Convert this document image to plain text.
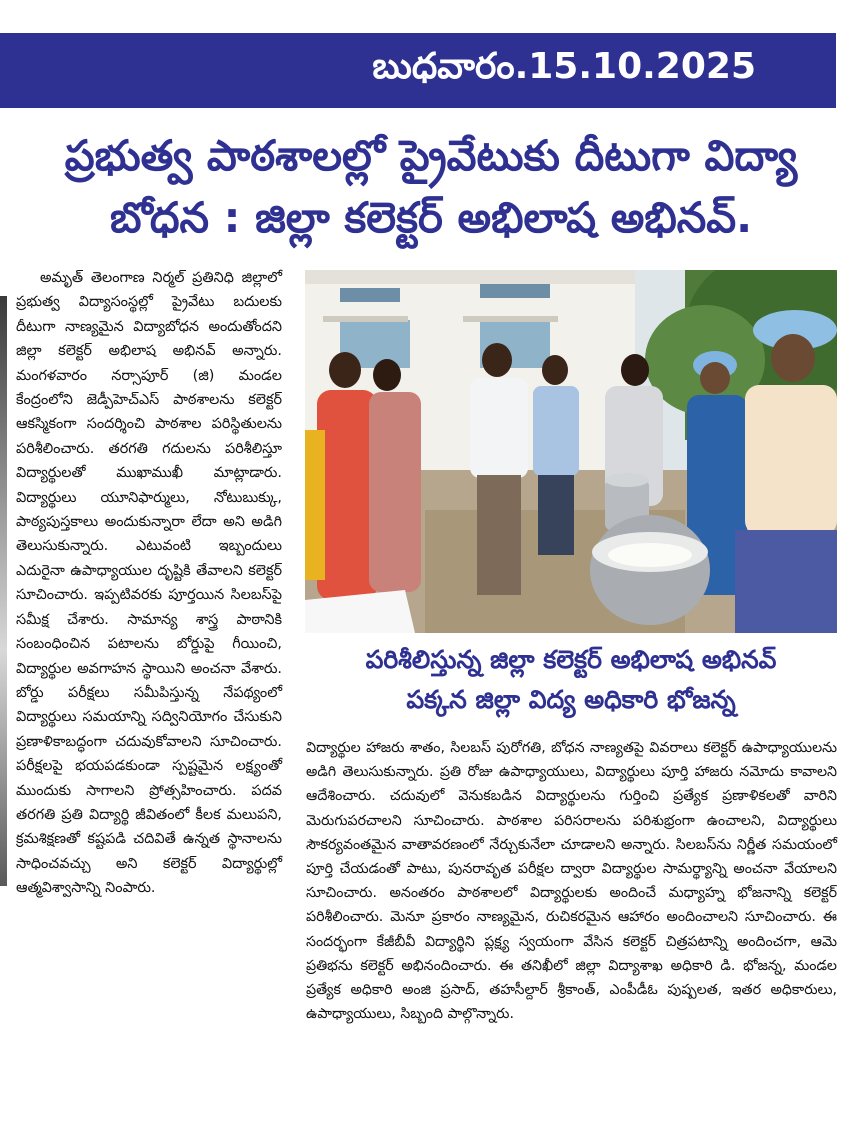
బుధవారం.15.10.2025
ప్రభుత్వ పాఠశాలల్లో ప్రైవేటుకు దీటుగా విద్యా
బోధన : జిల్లా కలెక్టర్ అభిలాష అభినవ్.

అమృత్ తెలంగాణ నిర్మల్ ప్రతినిధి జిల్లాలో ప్రభుత్వ విద్యాసంస్థల్లో ప్రైవేటు బదులకు దీటుగా నాణ్యమైన విద్యాబోధన అందుతోందని జిల్లా కలెక్టర్ అభిలాష అభినవ్ అన్నారు. మంగళవారం నర్సాపూర్ (జి) మండల కేంద్రంలోని జెడ్పీహెచ్ఎస్ పాఠశాలను కలెక్టర్ ఆకస్మికంగా సందర్శించి పాఠశాల పరిస్థితులను పరిశీలించారు. తరగతి గదులను పరిశీలిస్తూ విద్యార్థులతో ముఖాముఖీ మాట్లాడారు. విద్యార్థులు యూనిఫార్ములు, నోటుబుక్కు, పాఠ్యపుస్తకాలు అందుకున్నారా లేదా అని అడిగి తెలుసుకున్నారు. ఎటువంటి ఇబ్బందులు ఎదురైనా ఉపాధ్యాయుల దృష్టికి తేవాలని కలెక్టర్ సూచించారు. ఇప్పటివరకు పూర్తయిన సిలబస్‌పై సమీక్ష చేశారు. సామాన్య శాస్త్ర పాఠానికి సంబంధించిన పటాలను బోర్డుపై గీయించి, విద్యార్థుల అవగాహన స్థాయిని అంచనా వేశారు. బోర్డు పరీక్షలు సమీపిస్తున్న నేపథ్యంలో విద్యార్థులు సమయాన్ని సద్వినియోగం చేసుకుని ప్రణాళికాబద్ధంగా చదువుకోవాలని సూచించారు. పరీక్షలపై భయపడకుండా స్పష్టమైన లక్ష్యంతో ముందుకు సాగాలని ప్రోత్సహించారు. పదవ తరగతి ప్రతి విద్యార్థి జీవితంలో కీలక మలుపని, క్రమశిక్షణతో కష్టపడి చదివితే ఉన్నత స్థానాలను సాధించవచ్చు అని కలెక్టర్ విద్యార్థుల్లో ఆత్మవిశ్వాసాన్ని నింపారు.

పరిశీలిస్తున్న జిల్లా కలెక్టర్ అభిలాష అభినవ్
పక్కన జిల్లా విద్య అధికారి భోజన్న

విద్యార్థుల హాజరు శాతం, సిలబస్ పురోగతి, బోధన నాణ్యతపై వివరాలు కలెక్టర్ ఉపాధ్యాయులను అడిగి తెలుసుకున్నారు. ప్రతి రోజు ఉపాధ్యాయులు, విద్యార్థులు పూర్తి హాజరు నమోదు కావాలని ఆదేశించారు. చదువులో వెనుకబడిన విద్యార్థులను గుర్తించి ప్రత్యేక ప్రణాళికలతో వారిని మెరుగుపరచాలని సూచించారు. పాఠశాల పరిసరాలను పరిశుభ్రంగా ఉంచాలని, విద్యార్థులు సౌకర్యవంతమైన వాతావరణంలో నేర్చుకునేలా చూడాలని అన్నారు. సిలబస్‌ను నిర్ణీత సమయంలో పూర్తి చేయడంతో పాటు, పునరావృత పరీక్షల ద్వారా విద్యార్థుల సామర్థ్యాన్ని అంచనా వేయాలని సూచించారు. అనంతరం పాఠశాలలో విద్యార్థులకు అందించే మధ్యాహ్న భోజనాన్ని కలెక్టర్ పరిశీలించారు. మెనూ ప్రకారం నాణ్యమైన, రుచికరమైన ఆహారం అందించాలని సూచించారు. ఈ సందర్భంగా కేజీబీవీ విద్యార్థిని ప్లక్ష్య స్వయంగా వేసిన కలెక్టర్ చిత్రపటాన్ని అందించగా, ఆమె ప్రతిభను కలెక్టర్ అభినందించారు. ఈ తనిఖీలో జిల్లా విద్యాశాఖ అధికారి డి. భోజన్న, మండల ప్రత్యేక అధికారి అంజి ప్రసాద్, తహసీల్దార్ శ్రీకాంత్, ఎంపీడీఓ పుష్పలత, ఇతర అధికారులు, ఉపాధ్యాయులు, సిబ్బంది పాల్గొన్నారు.
